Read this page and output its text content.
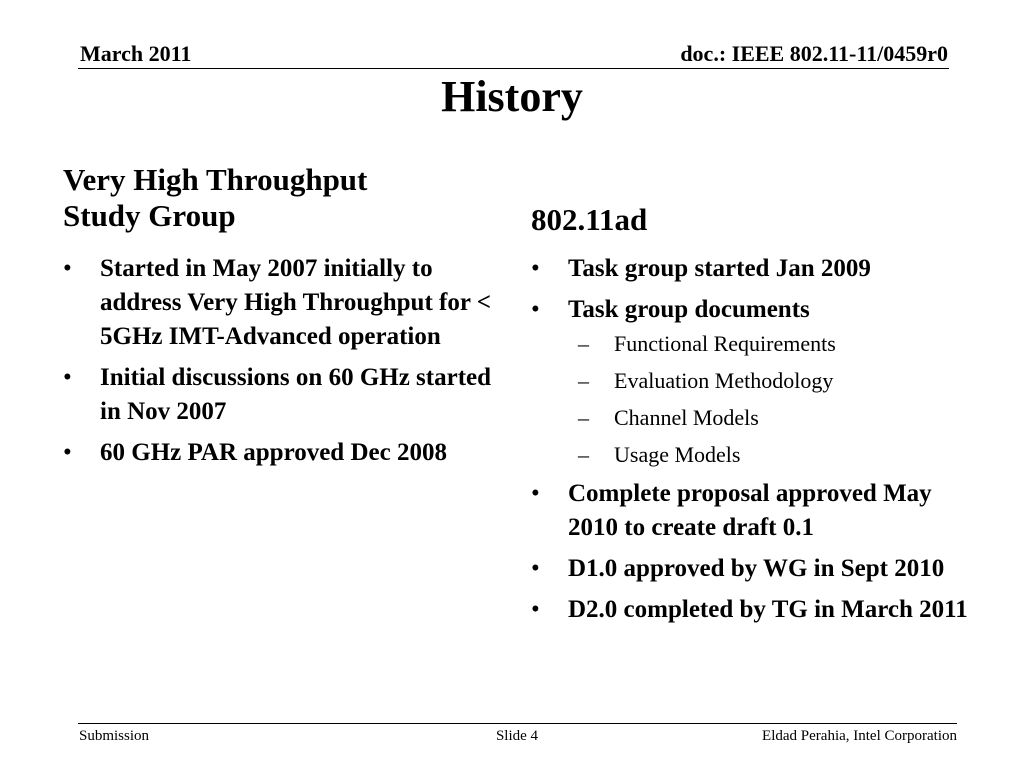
March 2011	doc.: IEEE 802.11-11/0459r0
History
Very High Throughput
Study Group
•	Started in May 2007 initially to address Very High Throughput for < 5GHz IMT-Advanced operation
•	Initial discussions on 60 GHz started in Nov 2007
•	60 GHz PAR approved Dec 2008
802.11ad
•	Task group started Jan 2009
•	Task group documents
– Functional Requirements
– Evaluation Methodology
– Channel Models
– Usage Models
•	Complete proposal approved May 2010 to create draft 0.1
•	D1.0 approved by WG in Sept 2010
•	D2.0 completed by TG in March 2011
Submission	Slide 4	Eldad Perahia, Intel Corporation
